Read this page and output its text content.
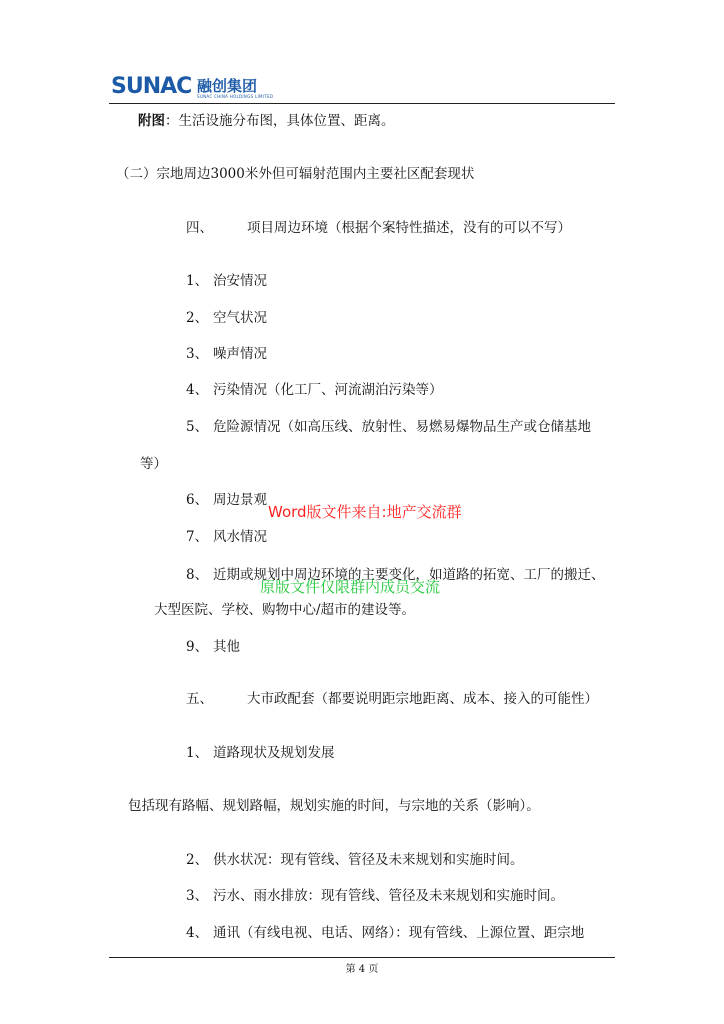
SUNAC 融创集团
SUNAC CHINA HOLDINGS LIMITED
附图：生活设施分布图，具体位置、距离。
（二）宗地周边3000米外但可辐射范围内主要社区配套现状
四、	项目周边环境（根据个案特性描述，没有的可以不写）
1、 治安情况
2、 空气状况
3、 噪声情况
4、 污染情况（化工厂、河流湖泊污染等）
5、 危险源情况（如高压线、放射性、易燃易爆物品生产或仓储基地
等）
6、 周边景观
7、 风水情况
8、 近期或规划中周边环境的主要变化，如道路的拓宽、工厂的搬迁、
大型医院、学校、购物中心/超市的建设等。
9、 其他
五、	大市政配套（都要说明距宗地距离、成本、接入的可能性）
1、 道路现状及规划发展
包括现有路幅、规划路幅，规划实施的时间，与宗地的关系（影响）。
2、 供水状况：现有管线、管径及未来规划和实施时间。
3、 污水、雨水排放：现有管线、管径及未来规划和实施时间。
4、 通讯（有线电视、电话、网络）：现有管线、上源位置、距宗地
Word版文件来自:地产交流群
原版文件仅限群内成员交流
第 4 页
